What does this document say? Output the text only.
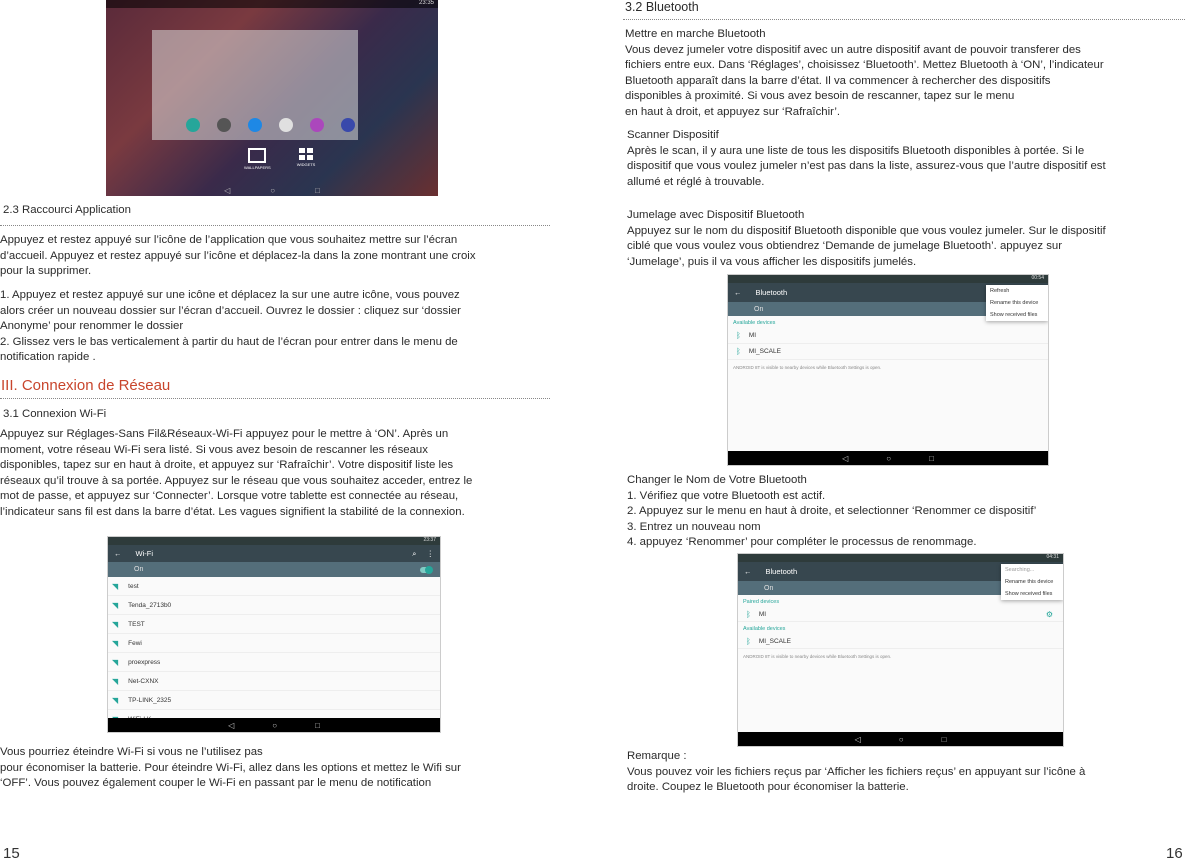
23:35
WALLPAPERS
WIDGETS
◁	○	□
2.3 Raccourci Application
Appuyez et restez appuyé sur l’icône de l’application que vous souhaitez mettre sur l’écran
d’accueil. Appuyez et restez appuyé sur l’icône et déplacez-la dans la zone montrant une croix
pour la supprimer.
1. Appuyez et restez appuyé sur une icône et déplacez la sur une autre icône, vous pouvez
alors créer un nouveau dossier sur l’écran d’accueil. Ouvrez le dossier : cliquez sur ‘dossier
Anonyme’ pour renommer le dossier
2. Glissez vers le bas verticalement à partir du haut de l’écran pour entrer dans le menu de
notification rapide .
III. Connexion de Réseau
3.1 Connexion Wi-Fi
Appuyez sur Réglages-Sans Fil&Réseaux-Wi-Fi appuyez pour le mettre à ‘ON’. Après un
moment, votre réseau Wi-Fi sera listé. Si vous avez besoin de rescanner les réseaux
disponibles, tapez sur en haut à droite, et appuyez sur ‘Rafraîchir’. Votre dispositif liste les
réseaux qu’il trouve à sa portée. Appuyez sur le réseau que vous souhaitez acceder, entrez le
mot de passe, et appuyez sur ‘Connecter’. Lorsque votre tablette est connectée au réseau,
l’indicateur sans fil est dans la barre d’état. Les vagues signifient la stabilité de la connexion.
23:37
← Wi-Fi	⌕ ⋮
On
◥ test
◥ Tenda_2713b0
◥ TEST
◥ Fewi
◥ proexpress
◥ Net-CXNX
◥ TP-LINK_2325
◁	○	□
Vous pourriez éteindre Wi-Fi si vous ne l’utilisez pas
pour économiser la batterie. Pour éteindre Wi-Fi, allez dans les options et mettez le Wifi sur
‘OFF’. Vous pouvez également couper le Wi-Fi en passant par le menu de notification
15
3.2 Bluetooth
Mettre en marche Bluetooth
Vous devez jumeler votre dispositif avec un autre dispositif avant de pouvoir transferer des
fichiers entre eux. Dans ‘Réglages’, choisissez ‘Bluetooth’. Mettez Bluetooth à ‘ON’, l’indicateur
Bluetooth apparaît dans la barre d’état. Il va commencer à rechercher des dispositifs
disponibles à proximité. Si vous avez besoin de rescanner, tapez sur le menu
en haut à droit, et appuyez sur ‘Rafraîchir’.
Scanner Dispositif
Après le scan, il y aura une liste de tous les dispositifs Bluetooth disponibles à portée. Si le
dispositif que vous voulez jumeler n’est pas dans la liste, assurez-vous que l’autre dispositif est
allumé et réglé à trouvable.
Jumelage avec Dispositif Bluetooth
Appuyez sur le nom du dispositif Bluetooth disponible que vous voulez jumeler. Sur le dispositif
ciblé que vous voulez vous obtiendrez ‘Demande de jumelage Bluetooth’. appuyez sur
‘Jumelage’, puis il va vous afficher les dispositifs jumelés.
00:54
← Bluetooth
On
Available devices
ᛒ MI
ᛒ MI_SCALE
ANDROID 8T is visible to nearby devices while Bluetooth Settings is open.
Refresh
Rename this device
Show received files
◁	○	□
Changer le Nom de Votre Bluetooth
1. Vérifiez que votre Bluetooth est actif.
2. Appuyez sur le menu en haut à droite, et selectionner ‘Renommer ce dispositif’
3. Entrez un nouveau nom
4. appuyez ‘Renommer’ pour compléter le processus de renommage.
04:31
← Bluetooth
On
Paired devices
ᛒ MI	⚙
Available devices
ᛒ MI_SCALE
ANDROID 8T is visible to nearby devices while Bluetooth Settings is open.
Searching...
Rename this device
Show received files
◁	○	□
Remarque :
Vous pouvez voir les fichiers reçus par ‘Afficher les fichiers reçus’ en appuyant sur l’icône à
droite. Coupez le Bluetooth pour économiser la batterie.
16
